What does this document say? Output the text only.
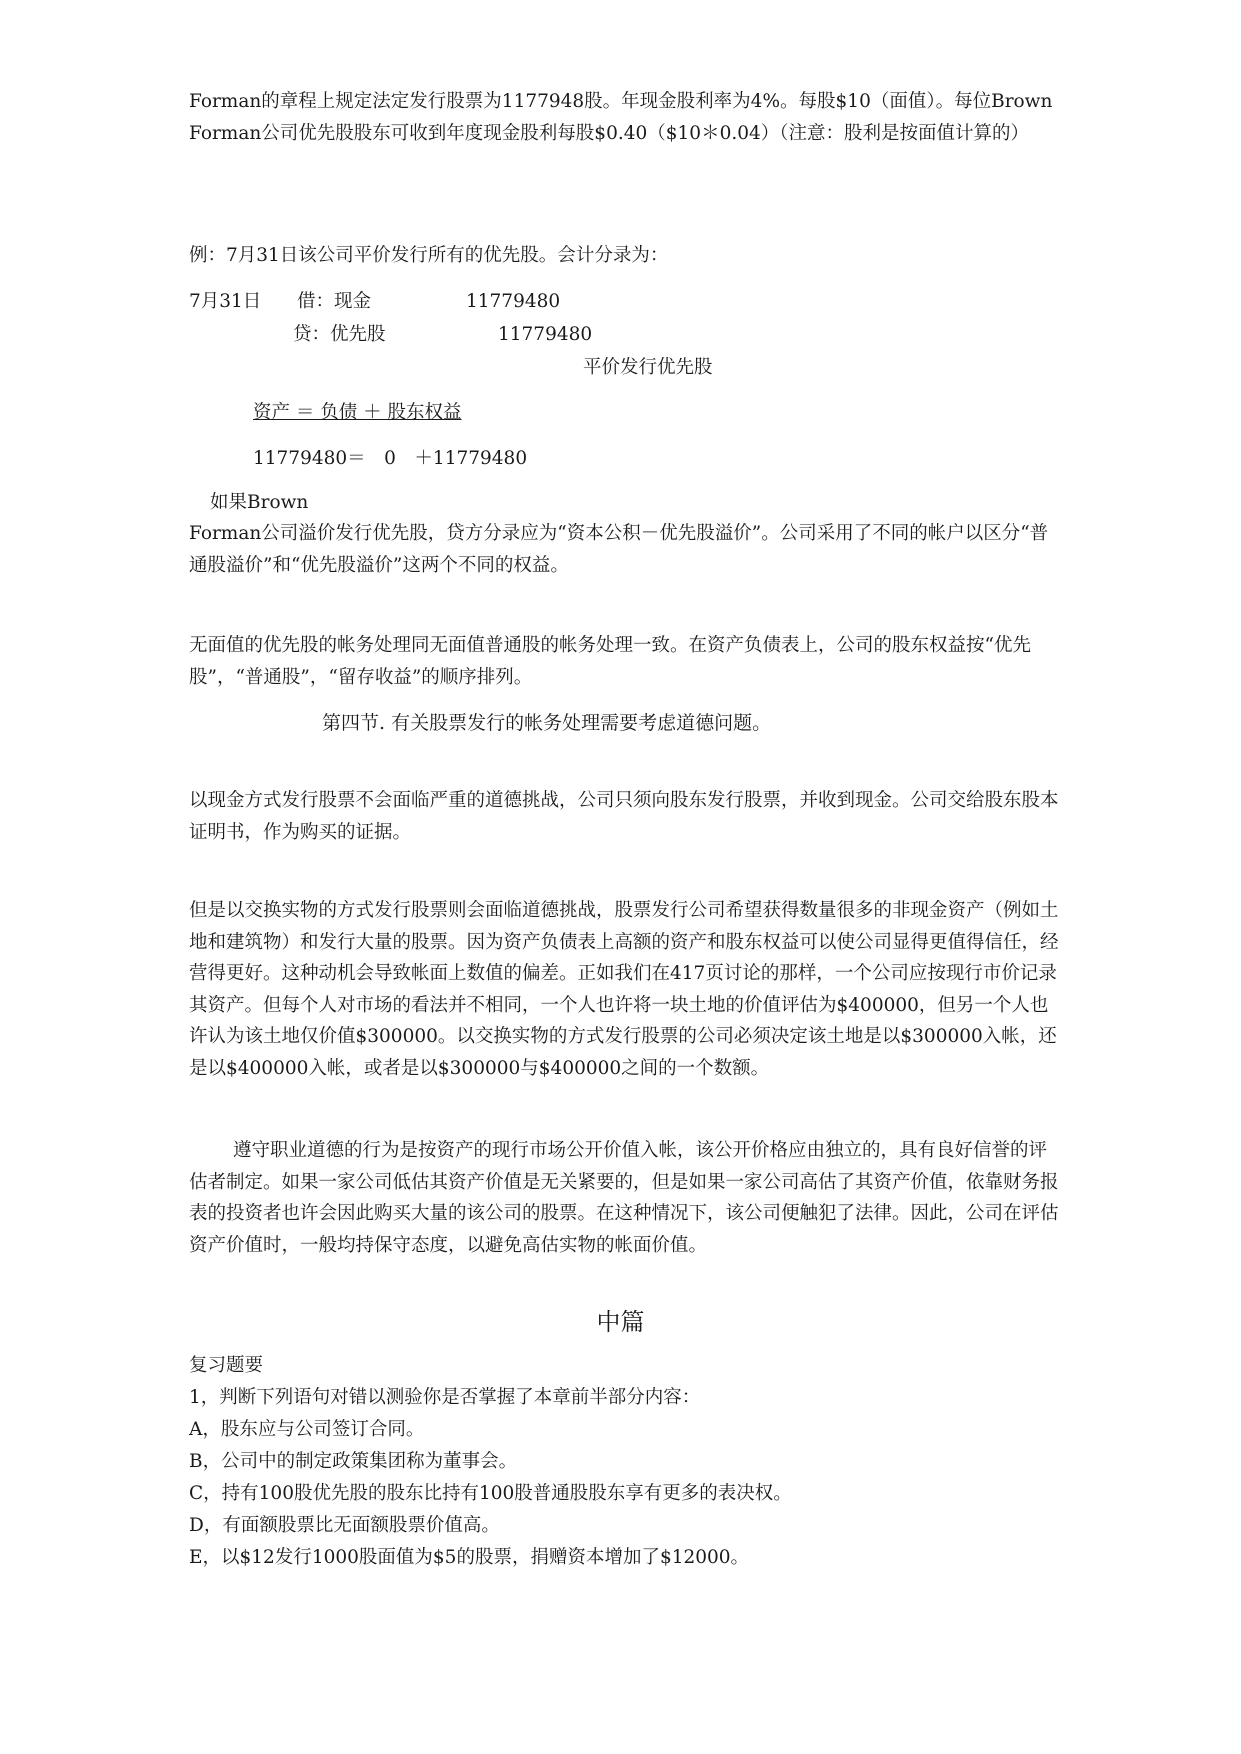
Forman的章程上规定法定发行股票为1177948股。年现金股利率为4%。每股$10（面值）。每位Brown
Forman公司优先股股东可收到年度现金股利每股$0.40（$10＊0.04）（注意：股利是按面值计算的）
例：7月31日该公司平价发行所有的优先股。会计分录为：
7月31日 借：现金	11779480
贷：优先股	11779480
平价发行优先股
资产 ＝ 负债 ＋ 股东权益
11779480＝　0　＋11779480
如果Brown
Forman公司溢价发行优先股，贷方分录应为“资本公积－优先股溢价”。公司采用了不同的帐户以区分“普通股溢价”和“优先股溢价”这两个不同的权益。
无面值的优先股的帐务处理同无面值普通股的帐务处理一致。在资产负债表上，公司的股东权益按“优先股”，“普通股”，“留存收益”的顺序排列。
第四节. 有关股票发行的帐务处理需要考虑道德问题。
以现金方式发行股票不会面临严重的道德挑战，公司只须向股东发行股票，并收到现金。公司交给股东股本证明书，作为购买的证据。
但是以交换实物的方式发行股票则会面临道德挑战，股票发行公司希望获得数量很多的非现金资产（例如土地和建筑物）和发行大量的股票。因为资产负债表上高额的资产和股东权益可以使公司显得更值得信任，经营得更好。这种动机会导致帐面上数值的偏差。正如我们在417页讨论的那样，一个公司应按现行市价记录其资产。但每个人对市场的看法并不相同，一个人也许将一块土地的价值评估为$400000，但另一个人也许认为该土地仅价值$300000。以交换实物的方式发行股票的公司必须决定该土地是以$300000入帐，还是以$400000入帐，或者是以$300000与$400000之间的一个数额。
遵守职业道德的行为是按资产的现行市场公开价值入帐，该公开价格应由独立的，具有良好信誉的评估者制定。如果一家公司低估其资产价值是无关紧要的，但是如果一家公司高估了其资产价值，依靠财务报表的投资者也许会因此购买大量的该公司的股票。在这种情况下，该公司便触犯了法律。因此，公司在评估资产价值时，一般均持保守态度，以避免高估实物的帐面价值。
中篇
复习题要
1，判断下列语句对错以测验你是否掌握了本章前半部分内容：
A，股东应与公司签订合同。
B，公司中的制定政策集团称为董事会。
C，持有100股优先股的股东比持有100股普通股股东享有更多的表决权。
D，有面额股票比无面额股票价值高。
E，以$12发行1000股面值为$5的股票，捐赠资本增加了$12000。
